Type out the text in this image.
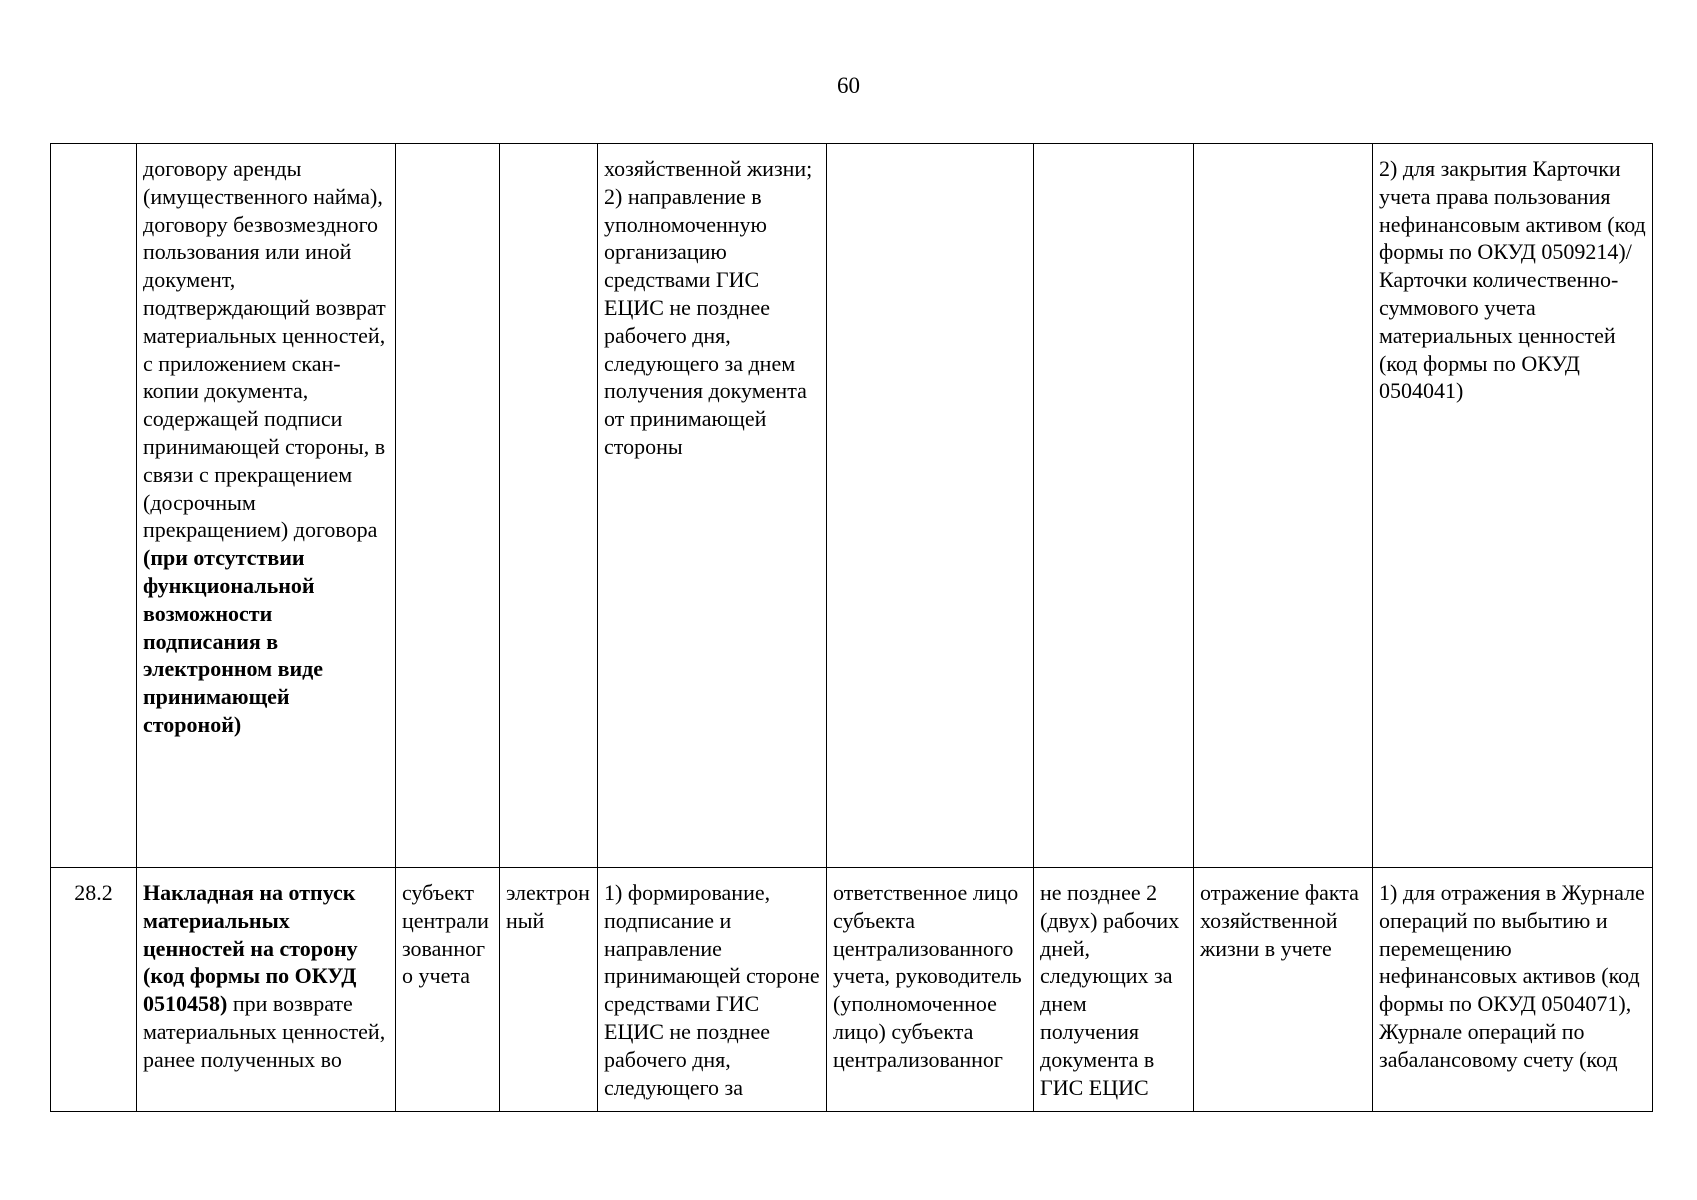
60
	договору аренды (имущественного найма), договору безвозмездного пользования или иной документ, подтверждающий возврат материальных ценностей, с приложением скан-копии документа, содержащей подписи принимающей стороны, в связи с прекращением (досрочным прекращением) договора (при отсутствии функциональной возможности подписания в электронном виде принимающей стороной)			хозяйственной жизни;
2) направление в уполномоченную организацию средствами ГИС ЕЦИС не позднее рабочего дня, следующего за днем получения документа от принимающей стороны				2) для закрытия Карточки учета права пользования нефинансовым активом (код формы по ОКУД 0509214)/Карточки количественно-суммового учета материальных ценностей (код формы по ОКУД 0504041)
28.2	Накладная на отпуск материальных ценностей на сторону (код формы по ОКУД 0510458) при возврате материальных ценностей, ранее полученных во	субъект централизованного учета	электронный	1) формирование, подписание и направление принимающей стороне средствами ГИС ЕЦИС не позднее рабочего дня, следующего за	ответственное лицо субъекта централизованного учета, руководитель (уполномоченное лицо) субъекта централизованног	не позднее 2 (двух) рабочих дней, следующих за днем получения документа в ГИС ЕЦИС	отражение факта хозяйственной жизни в учете	1) для отражения в Журнале операций по выбытию и перемещению нефинансовых активов (код формы по ОКУД 0504071), Журнале операций по забалансовому счету (код
